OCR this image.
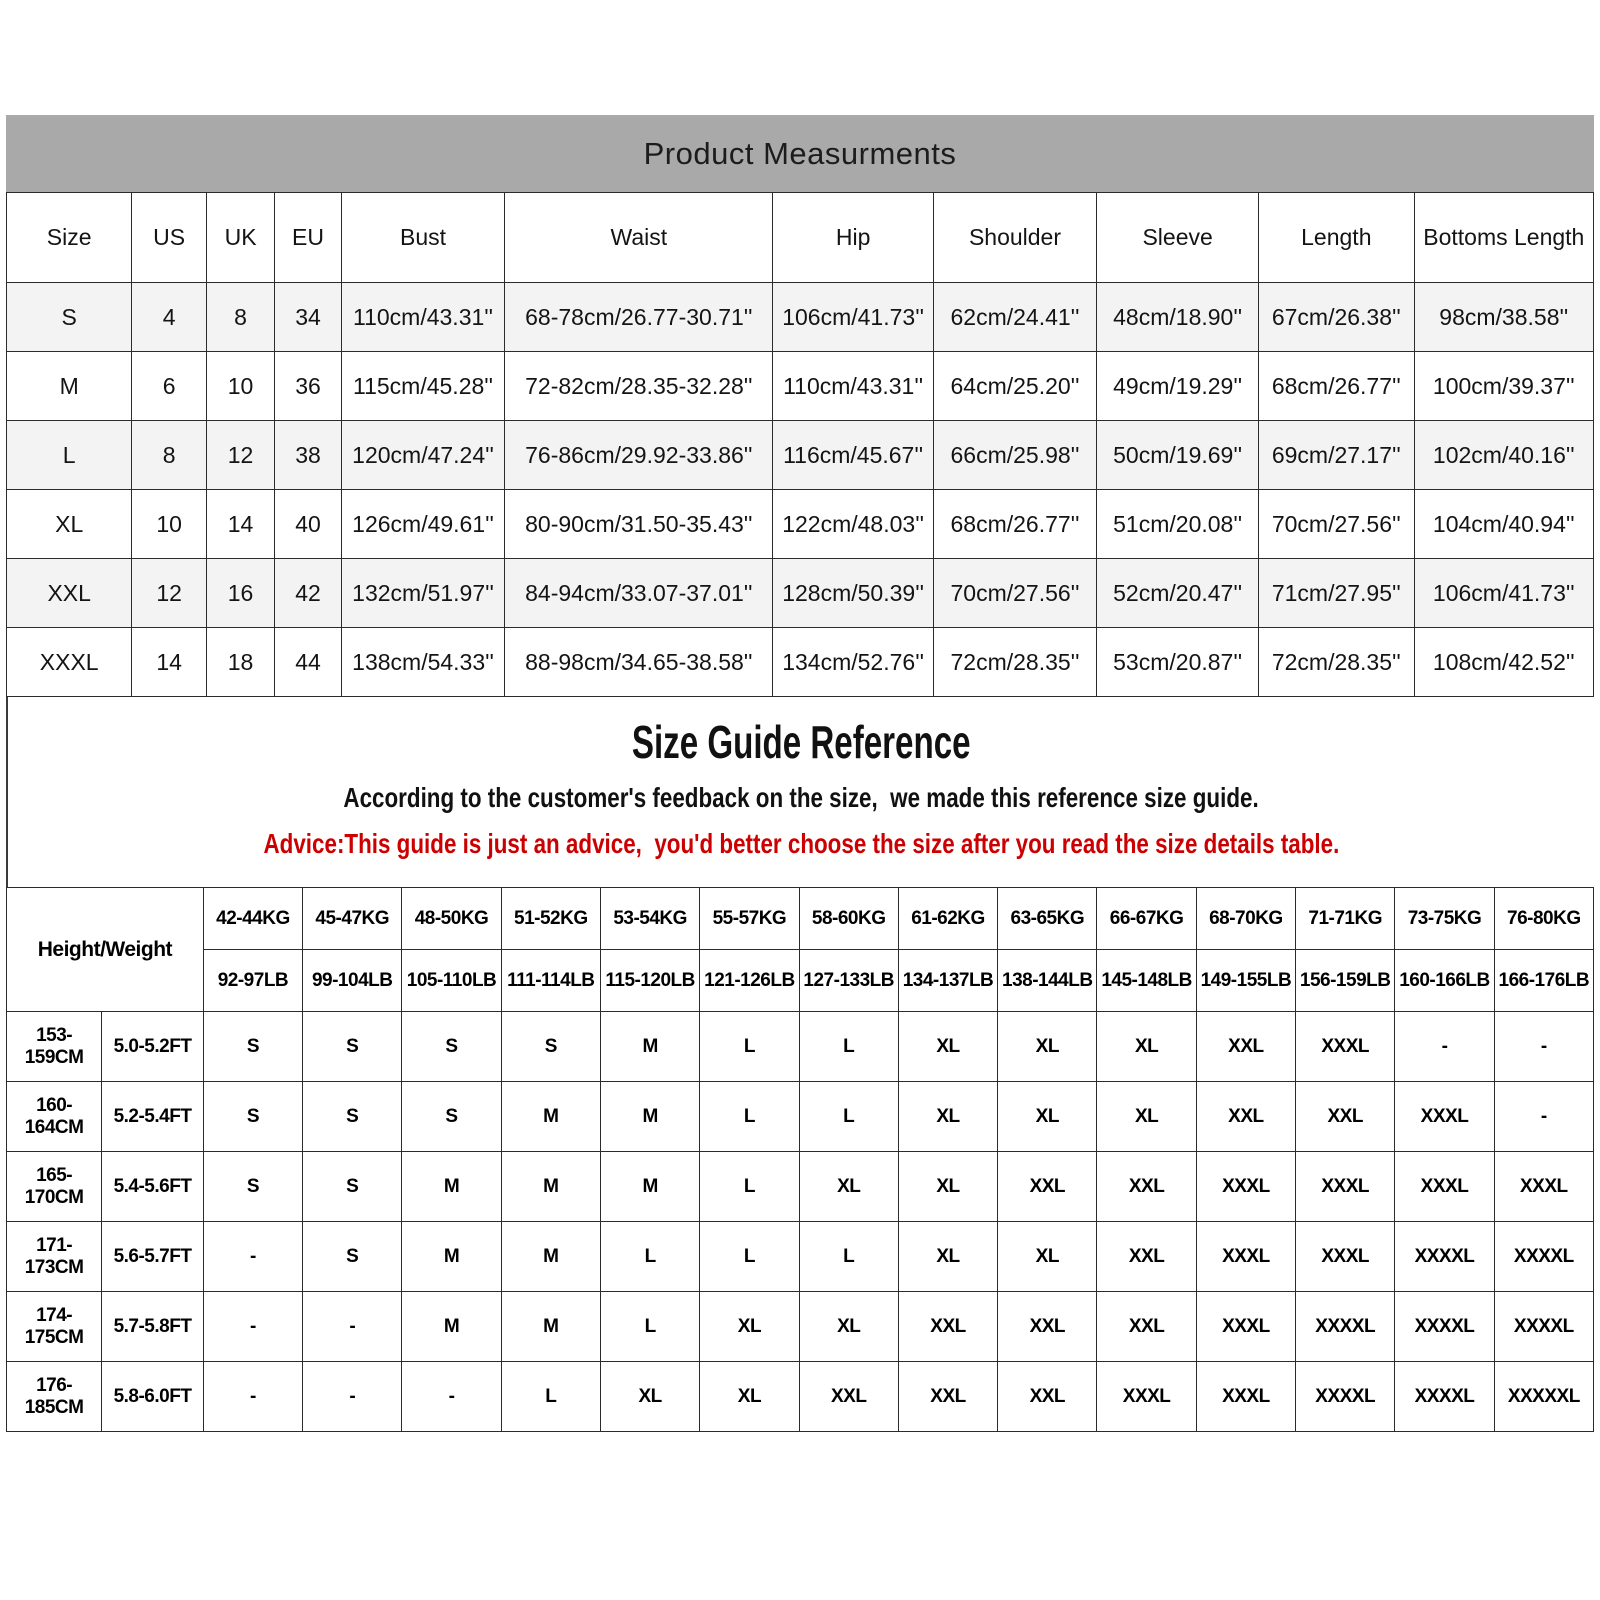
Product Measurments
Size	US	UK	EU	Bust	Waist	Hip	Shoulder	Sleeve	Length	Bottoms Length
S	4	8	34	110cm/43.31''	68-78cm/26.77-30.71''	106cm/41.73''	62cm/24.41''	48cm/18.90''	67cm/26.38''	98cm/38.58''
M	6	10	36	115cm/45.28''	72-82cm/28.35-32.28''	110cm/43.31''	64cm/25.20''	49cm/19.29''	68cm/26.77''	100cm/39.37''
L	8	12	38	120cm/47.24''	76-86cm/29.92-33.86''	116cm/45.67''	66cm/25.98''	50cm/19.69''	69cm/27.17''	102cm/40.16''
XL	10	14	40	126cm/49.61''	80-90cm/31.50-35.43''	122cm/48.03''	68cm/26.77''	51cm/20.08''	70cm/27.56''	104cm/40.94''
XXL	12	16	42	132cm/51.97''	84-94cm/33.07-37.01''	128cm/50.39''	70cm/27.56''	52cm/20.47''	71cm/27.95''	106cm/41.73''
XXXL	14	18	44	138cm/54.33''	88-98cm/34.65-38.58''	134cm/52.76''	72cm/28.35''	53cm/20.87''	72cm/28.35''	108cm/42.52''
Size Guide Reference

According to the customer's feedback on the size,  we made this reference size guide.

Advice:This guide is just an advice,  you'd better choose the size after you read the size details table.

Height/Weight		42-44KG	45-47KG	48-50KG	51-52KG	53-54KG	55-57KG	58-60KG	61-62KG	63-65KG	66-67KG	68-70KG	71-71KG	73-75KG	76-80KG
		92-97LB	99-104LB	105-110LB	111-114LB	115-120LB	121-126LB	127-133LB	134-137LB	138-144LB	145-148LB	149-155LB	156-159LB	160-166LB	166-176LB
153-159CM	5.0-5.2FT	S	S	S	S	M	L	L	XL	XL	XL	XXL	XXXL	-	-
160-164CM	5.2-5.4FT	S	S	S	M	M	L	L	XL	XL	XL	XXL	XXL	XXXL	-
165-170CM	5.4-5.6FT	S	S	M	M	M	L	XL	XL	XXL	XXL	XXXL	XXXL	XXXL	XXXL
171-173CM	5.6-5.7FT	-	S	M	M	L	L	L	XL	XL	XXL	XXXL	XXXL	XXXXL	XXXXL
174-175CM	5.7-5.8FT	-	-	M	M	L	XL	XL	XXL	XXL	XXL	XXXL	XXXXL	XXXXL	XXXXL
176-185CM	5.8-6.0FT	-	-	-	L	XL	XL	XXL	XXL	XXL	XXXL	XXXL	XXXXL	XXXXL	XXXXXL
